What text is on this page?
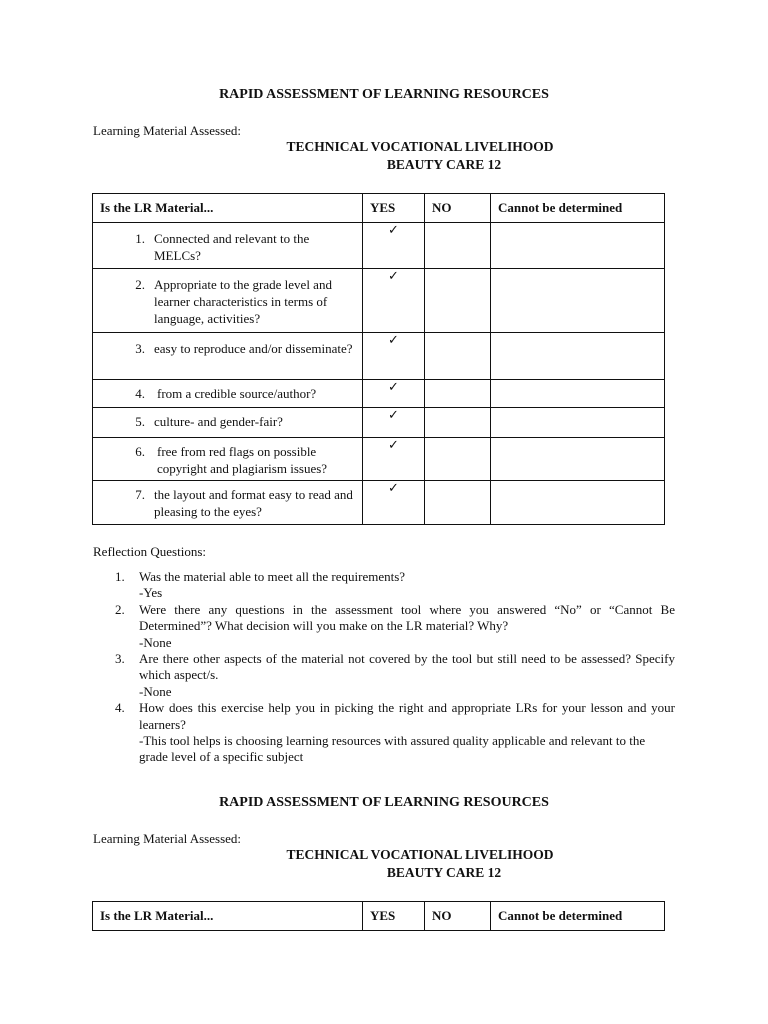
RAPID ASSESSMENT OF LEARNING RESOURCES
Learning Material Assessed:
TECHNICAL VOCATIONAL LIVELIHOOD
BEAUTY CARE 12
Is the LR Material...	YES	NO	Cannot be determined

1. Connected and relevant to the MELCs?	✓		

2. Appropriate to the grade level and learner characteristics in terms of language, activities?	✓		

3. easy to reproduce and/or disseminate?	✓		

4. from a credible source/author?	✓		

5. culture- and gender-fair?	✓		

6. free from red flags on possible copyright and plagiarism issues?	✓		

7. the layout and format easy to read and pleasing to the eyes?	✓		
Reflection Questions:
1.	Was the material able to meet all the requirements?
-Yes
2.	Were there any questions in the assessment tool where you answered “No” or “Cannot Be Determined”? What decision will you make on the LR material? Why?
-None
3.	Are there other aspects of the material not covered by the tool but still need to be assessed? Specify which aspect/s.
-None
4.	How does this exercise help you in picking the right and appropriate LRs for your lesson and your learners?
-This tool helps is choosing learning resources with assured quality applicable and relevant to the grade level of a specific subject
RAPID ASSESSMENT OF LEARNING RESOURCES
Learning Material Assessed:
TECHNICAL VOCATIONAL LIVELIHOOD
BEAUTY CARE 12
Is the LR Material...	YES	NO	Cannot be determined
